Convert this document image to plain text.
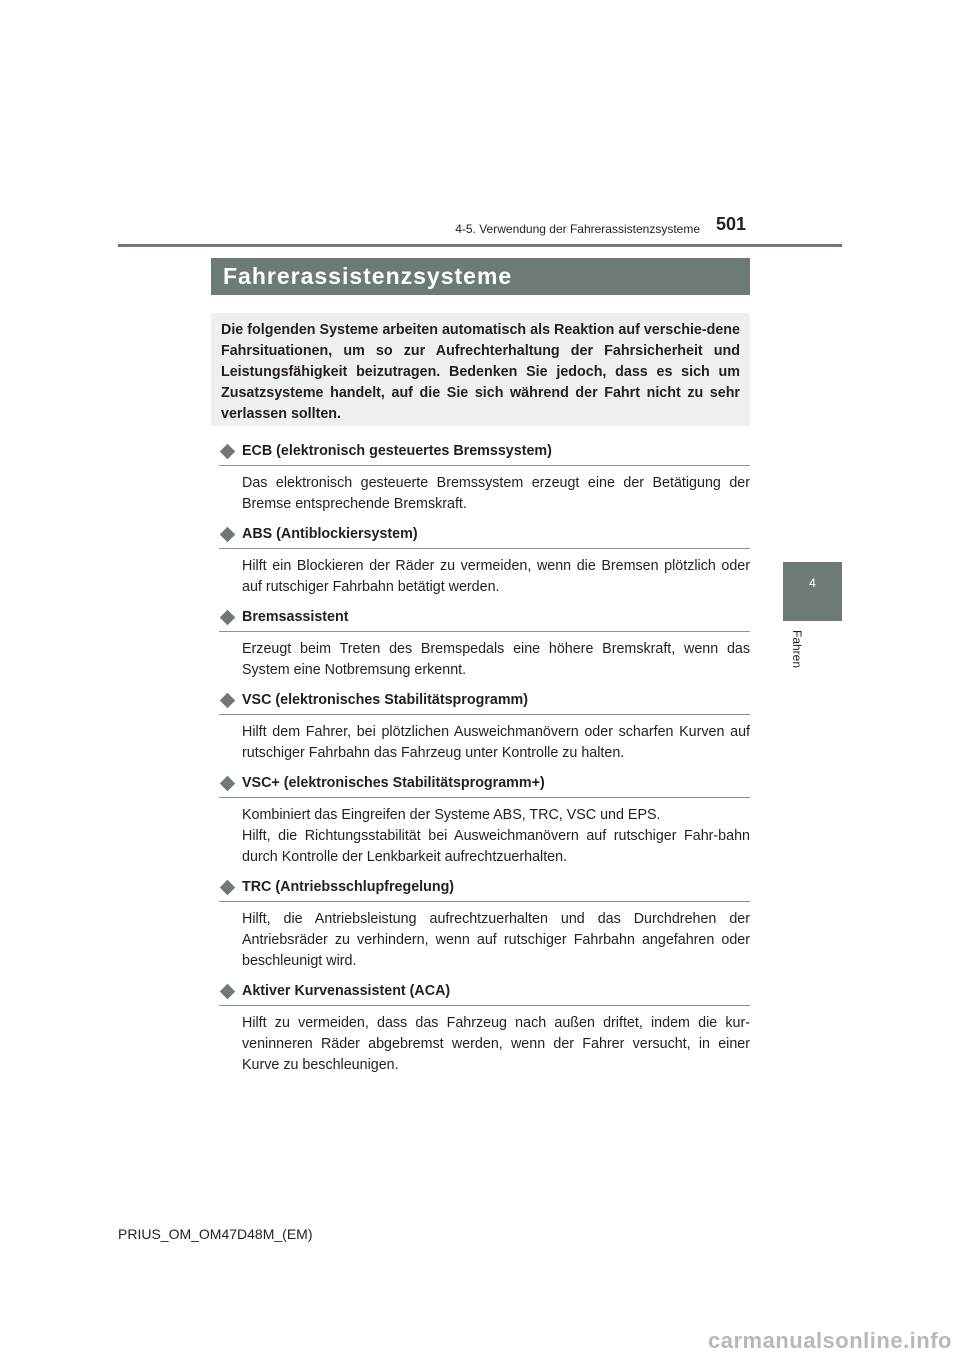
4-5. Verwendung der Fahrerassistenzsysteme 501
4
Fahren
Fahrerassistenzsysteme

Die folgenden Systeme arbeiten automatisch als Reaktion auf verschie-dene Fahrsituationen, um so zur Aufrechterhaltung der Fahrsicherheit und Leistungsfähigkeit beizutragen. Bedenken Sie jedoch, dass es sich um Zusatzsysteme handelt, auf die Sie sich während der Fahrt nicht zu sehr verlassen sollten.

ECB (elektronisch gesteuertes Bremssystem)

Das elektronisch gesteuerte Bremssystem erzeugt eine der Betätigung der Bremse entsprechende Bremskraft.

ABS (Antiblockiersystem)

Hilft ein Blockieren der Räder zu vermeiden, wenn die Bremsen plötzlich oder auf rutschiger Fahrbahn betätigt werden.

Bremsassistent

Erzeugt beim Treten des Bremspedals eine höhere Bremskraft, wenn das System eine Notbremsung erkennt.

VSC (elektronisches Stabilitätsprogramm)

Hilft dem Fahrer, bei plötzlichen Ausweichmanövern oder scharfen Kurven auf rutschiger Fahrbahn das Fahrzeug unter Kontrolle zu halten.

VSC+ (elektronisches Stabilitätsprogramm+)

Kombiniert das Eingreifen der Systeme ABS, TRC, VSC und EPS.

Hilft, die Richtungsstabilität bei Ausweichmanövern auf rutschiger Fahr-bahn durch Kontrolle der Lenkbarkeit aufrechtzuerhalten.

TRC (Antriebsschlupfregelung)

Hilft, die Antriebsleistung aufrechtzuerhalten und das Durchdrehen der Antriebsräder zu verhindern, wenn auf rutschiger Fahrbahn angefahren oder beschleunigt wird.

Aktiver Kurvenassistent (ACA)

Hilft zu vermeiden, dass das Fahrzeug nach außen driftet, indem die kur-veninneren Räder abgebremst werden, wenn der Fahrer versucht, in einer Kurve zu beschleunigen.

PRIUS_OM_OM47D48M_(EM)
carmanualsonline.info
